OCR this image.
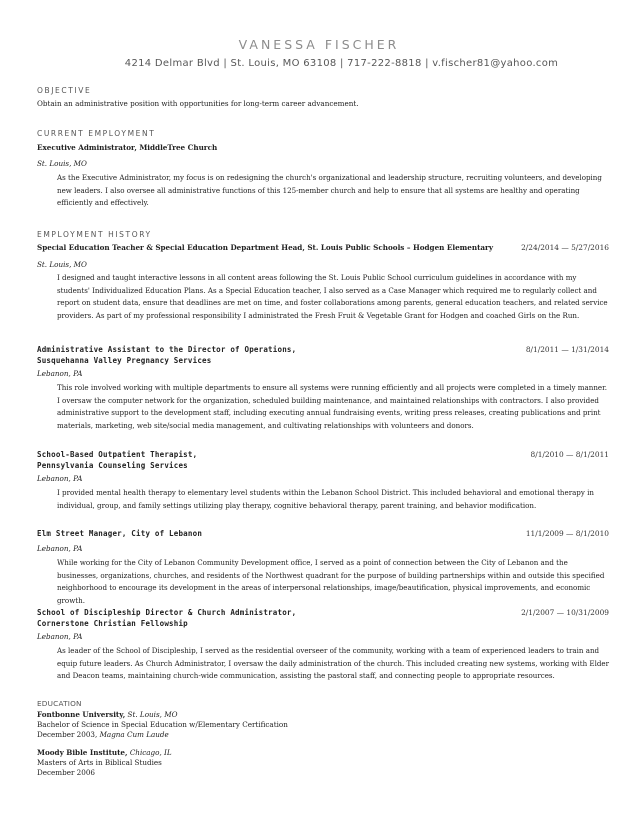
VANESSA FISCHER
4214 Delmar Blvd | St. Louis, MO 63108 | 717-222-8818 | v.fischer81@yahoo.com
OBJECTIVE
Obtain an administrative position with opportunities for long-term career advancement.
CURRENT EMPLOYMENT
Executive Administrator, MiddleTree Church
St. Louis, MO
As the Executive Administrator, my focus is on redesigning the church's organizational and leadership structure, recruiting volunteers, and developing new leaders. I also oversee all administrative functions of this 125-member church and help to ensure that all systems are healthy and operating efficiently and effectively.
EMPLOYMENT HISTORY
Special Education Teacher & Special Education Department Head, St. Louis Public Schools – Hodgen Elementary	2/24/2014 — 5/27/2016
St. Louis, MO
I designed and taught interactive lessons in all content areas following the St. Louis Public School curriculum guidelines in accordance with my students' Individualized Education Plans. As a Special Education teacher, I also served as a Case Manager which required me to regularly collect and report on student data, ensure that deadlines are met on time, and foster collaborations among parents, general education teachers, and related service providers. As part of my professional responsibility I administrated the Fresh Fruit & Vegetable Grant for Hodgen and coached Girls on the Run.
Administrative Assistant to the Director of Operations,
Susquehanna Valley Pregnancy Services
8/1/2011 — 1/31/2014
Lebanon, PA
This role involved working with multiple departments to ensure all systems were running efficiently and all projects were completed in a timely manner. I oversaw the computer network for the organization, scheduled building maintenance, and maintained relationships with contractors. I also provided administrative support to the development staff, including executing annual fundraising events, writing press releases, creating publications and print materials, marketing, web site/social media management, and cultivating relationships with volunteers and donors.
School-Based Outpatient Therapist,
Pennsylvania Counseling Services
8/1/2010 — 8/1/2011
Lebanon, PA
I provided mental health therapy to elementary level students within the Lebanon School District. This included behavioral and emotional therapy in individual, group, and family settings utilizing play therapy, cognitive behavioral therapy, parent training, and behavior modification.
Elm Street Manager, City of Lebanon	11/1/2009 — 8/1/2010
Lebanon, PA
While working for the City of Lebanon Community Development office, I served as a point of connection between the City of Lebanon and the businesses, organizations, churches, and residents of the Northwest quadrant for the purpose of building partnerships within and outside this specified neighborhood to encourage its development in the areas of interpersonal relationships, image/beautification, physical improvements, and economic growth.
School of Discipleship Director & Church Administrator,
Cornerstone Christian Fellowship
2/1/2007 — 10/31/2009
Lebanon, PA
As leader of the School of Discipleship, I served as the residential overseer of the community, working with a team of experienced leaders to train and equip future leaders. As Church Administrator, I oversaw the daily administration of the church. This included creating new systems, working with Elder and Deacon teams, maintaining church-wide communication, assisting the pastoral staff, and connecting people to appropriate resources.
EDUCATION
Fontbonne University, St. Louis, MO
Bachelor of Science in Special Education w/Elementary Certification
December 2003, Magna Cum Laude
Moody Bible Institute, Chicago, IL
Masters of Arts in Biblical Studies
December 2006
